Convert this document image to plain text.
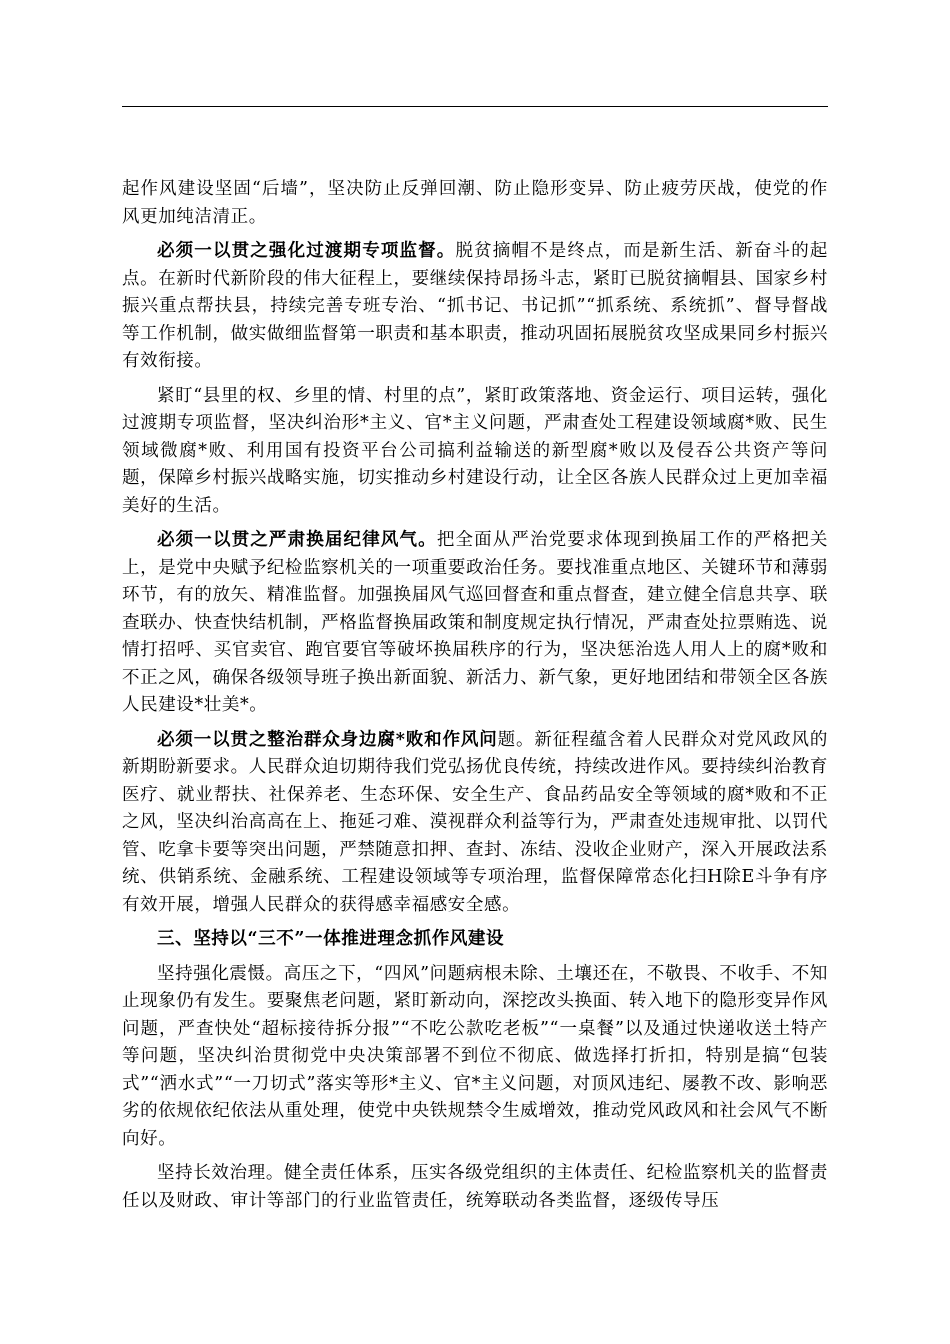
起作风建设坚固“后墙”，坚决防止反弹回潮、防止隐形变异、防止疲劳厌战，使党的作风更加纯洁清正。

必须一以贯之强化过渡期专项监督。脱贫摘帽不是终点，而是新生活、新奋斗的起点。在新时代新阶段的伟大征程上，要继续保持昂扬斗志，紧盯已脱贫摘帽县、国家乡村振兴重点帮扶县，持续完善专班专治、“抓书记、书记抓”“抓系统、系统抓”、督导督战等工作机制，做实做细监督第一职责和基本职责，推动巩固拓展脱贫攻坚成果同乡村振兴有效衔接。

紧盯“县里的权、乡里的情、村里的点”，紧盯政策落地、资金运行、项目运转，强化过渡期专项监督，坚决纠治形*主义、官*主义问题，严肃查处工程建设领域腐*败、民生领域微腐*败、利用国有投资平台公司搞利益输送的新型腐*败以及侵吞公共资产等问题，保障乡村振兴战略实施，切实推动乡村建设行动，让全区各族人民群众过上更加幸福美好的生活。

必须一以贯之严肃换届纪律风气。把全面从严治党要求体现到换届工作的严格把关上，是党中央赋予纪检监察机关的一项重要政治任务。要找准重点地区、关键环节和薄弱环节，有的放矢、精准监督。加强换届风气巡回督查和重点督查，建立健全信息共享、联查联办、快查快结机制，严格监督换届政策和制度规定执行情况，严肃查处拉票贿选、说情打招呼、买官卖官、跑官要官等破坏换届秩序的行为，坚决惩治选人用人上的腐*败和不正之风，确保各级领导班子换出新面貌、新活力、新气象，更好地团结和带领全区各族人民建设*壮美*。

必须一以贯之整治群众身边腐*败和作风问题。新征程蕴含着人民群众对党风政风的新期盼新要求。人民群众迫切期待我们党弘扬优良传统，持续改进作风。要持续纠治教育医疗、就业帮扶、社保养老、生态环保、安全生产、食品药品安全等领域的腐*败和不正之风，坚决纠治高高在上、拖延刁难、漠视群众利益等行为，严肃查处违规审批、以罚代管、吃拿卡要等突出问题，严禁随意扣押、查封、冻结、没收企业财产，深入开展政法系统、供销系统、金融系统、工程建设领域等专项治理，监督保障常态化扫H除E斗争有序有效开展，增强人民群众的获得感幸福感安全感。

三、坚持以“三不”一体推进理念抓作风建设

坚持强化震慑。高压之下，“四风”问题病根未除、土壤还在，不敬畏、不收手、不知止现象仍有发生。要聚焦老问题，紧盯新动向，深挖改头换面、转入地下的隐形变异作风问题，严查快处“超标接待拆分报”“不吃公款吃老板”“一桌餐”以及通过快递收送土特产等问题，坚决纠治贯彻党中央决策部署不到位不彻底、做选择打折扣，特别是搞“包装式”“洒水式”“一刀切式”落实等形*主义、官*主义问题，对顶风违纪、屡教不改、影响恶劣的依规依纪依法从重处理，使党中央铁规禁令生威增效，推动党风政风和社会风气不断向好。

坚持长效治理。健全责任体系，压实各级党组织的主体责任、纪检监察机关的监督责任以及财政、审计等部门的行业监管责任，统筹联动各类监督，逐级传导压
